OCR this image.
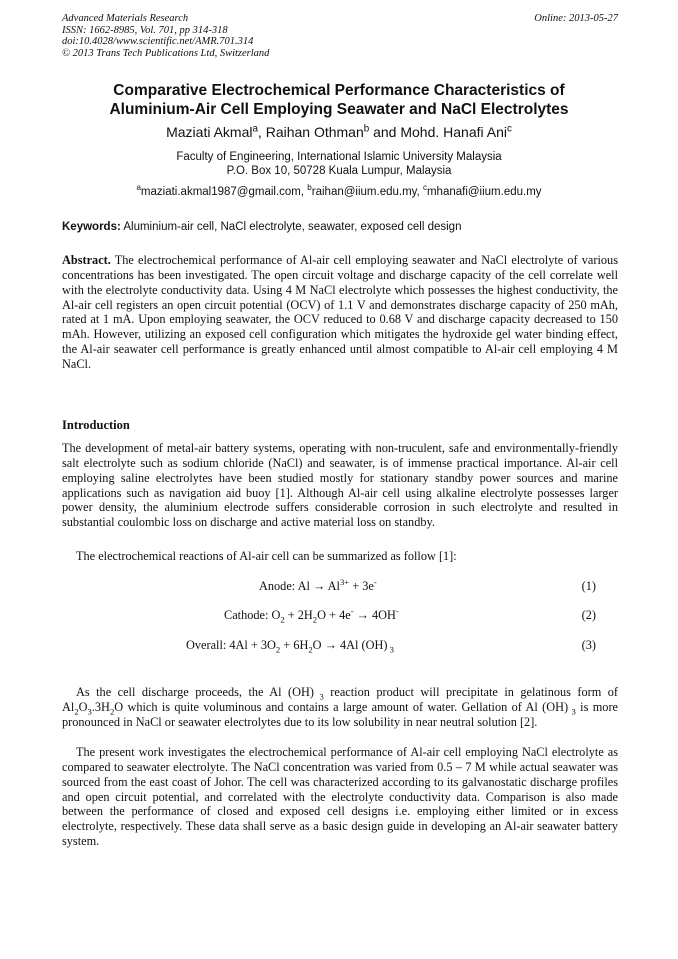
Advanced Materials Research
ISSN: 1662-8985, Vol. 701, pp 314-318
doi:10.4028/www.scientific.net/AMR.701.314
© 2013 Trans Tech Publications Ltd, Switzerland
Online: 2013-05-27
Comparative Electrochemical Performance Characteristics of
Aluminium-Air Cell Employing Seawater and NaCl Electrolytes
Maziati Akmal$^a$, Raihan Othman$^b$ and Mohd. Hanafi Ani$^c$
Faculty of Engineering, International Islamic University Malaysia
P.O. Box 10, 50728 Kuala Lumpur, Malaysia
$^a$maziati.akmal1987@gmail.com, $^b$raihan@iium.edu.my, $^c$mhanafi@iium.edu.my
Keywords: Aluminium-air cell, NaCl electrolyte, seawater, exposed cell design
Abstract. The electrochemical performance of Al-air cell employing seawater and NaCl electrolyte of various concentrations has been investigated. The open circuit voltage and discharge capacity of the cell correlate well with the electrolyte conductivity data. Using 4 M NaCl electrolyte which possesses the highest conductivity, the Al-air cell registers an open circuit potential (OCV) of 1.1 V and demonstrates discharge capacity of 250 mAh, rated at 1 mA. Upon employing seawater, the OCV reduced to 0.68 V and discharge capacity decreased to 150 mAh. However, utilizing an exposed cell configuration which mitigates the hydroxide gel water binding effect, the Al-air seawater cell performance is greatly enhanced until almost compatible to Al-air cell employing 4 M NaCl.
Introduction
The development of metal-air battery systems, operating with non-truculent, safe and environmentally-friendly salt electrolyte such as sodium chloride (NaCl) and seawater, is of immense practical importance. Al-air cell employing saline electrolytes have been studied mostly for stationary standby power sources and marine applications such as navigation aid buoy [1]. Although Al-air cell using alkaline electrolyte possesses larger power density, the aluminium electrode suffers considerable corrosion in such electrolyte and resulted in substantial coulombic loss on discharge and active material loss on standby.
The electrochemical reactions of Al-air cell can be summarized as follow [1]:
Anode: $Al \to Al^{3+} + 3e^-$	(1)
Cathode: $O_2 + 2H_2O + 4e^- \to 4OH^-$	(2)
Overall: $4Al + 3O_2 + 6H_2O \to 4Al$ (OH) $_3$	(3)
As the cell discharge proceeds, the Al (OH) $_3$ reaction product will precipitate in gelatinous form of $Al_2O_3.3H_2O$ which is quite voluminous and contains a large amount of water. Gellation of Al (OH) $_3$ is more pronounced in NaCl or seawater electrolytes due to its low solubility in near neutral solution [2].
The present work investigates the electrochemical performance of Al-air cell employing NaCl electrolyte as compared to seawater electrolyte. The NaCl concentration was varied from 0.5 – 7 M while actual seawater was sourced from the east coast of Johor. The cell was characterized according to its galvanostatic discharge profiles and open circuit potential, and correlated with the electrolyte conductivity data. Comparison is also made between the performance of closed and exposed cell designs i.e. employing either limited or in excess electrolyte, respectively. These data shall serve as a basic design guide in developing an Al-air seawater battery system.
